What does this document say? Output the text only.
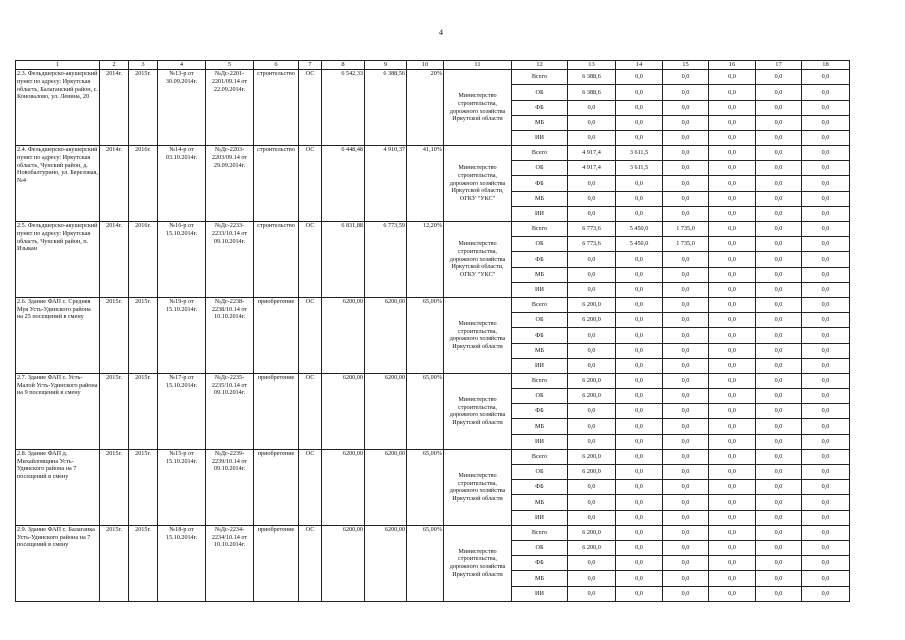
4
1	2	3	4	5	6	7	8	9	10	11	12	13	14	15	16	17	18
2.3. Фельдшерско-акушерский пункт по адресу: Иркутская область, Балаганский район, с. Коновалово, ул. Ленина, 20	2014г.	2015г.	№13-р от 30.09.2014г.	№Дс-2201-2201/09.14 от 22.09.2014г.	строительство	ОС	6 542,33	6 388,56	20%	Министерство строительства, дорожного хозяйства Иркутской области	Всего	6 388,6	0,0	0,0	0,0	0,0	0,0
											ОБ	6 388,6	0,0	0,0	0,0	0,0	0,0
											ФБ	0,0	0,0	0,0	0,0	0,0	0,0
											МБ	0,0	0,0	0,0	0,0	0,0	0,0
											ИИ	0,0	0,0	0,0	0,0	0,0	0,0
2.4. Фельдшерско-акушерский пункт по адресу: Иркутская область, Чунский район, д. Новобалтурино, ул. Березовая, №4	2014г.	2016г.	№14-р от 03.10.2014г.	№Дс-2203-2203/09.14 от 29.09.2014г.	строительство	ОС	6 448,48	4 910,37	41,10%	Министерство строительства, дорожного хозяйства Иркутской области, ОГКУ "УКС"	Всего	4 917,4	3 611,5	0,0	0,0	0,0	0,0
											ОБ	4 917,4	3 611,5	0,0	0,0	0,0	0,0
											ФБ	0,0	0,0	0,0	0,0	0,0	0,0
											МБ	0,0	0,0	0,0	0,0	0,0	0,0
											ИИ	0,0	0,0	0,0	0,0	0,0	0,0
2.5. Фельдшерско-акушерский пункт по адресу: Иркутская область, Чунский район, п. Изыкан	2014г.	2016г.	№16-р от 15.10.2014г.	№Дс-2233-2233/10.14 от 09.10.2014г.	строительство	ОС	6 831,88	6 773,59	12,20%	Министерство строительства, дорожного хозяйства Иркутской области, ОГКУ "УКС"	Всего	6 773,6	5 450,0	1 735,0	0,0	0,0	0,0
											ОБ	6 773,6	5 450,0	1 735,0	0,0	0,0	0,0
											ФБ	0,0	0,0	0,0	0,0	0,0	0,0
											МБ	0,0	0,0	0,0	0,0	0,0	0,0
											ИИ	0,0	0,0	0,0	0,0	0,0	0,0
2.6. Здание ФАП с. Средняя Муя Усть-Удинского района на 25 посещений в смену	2015г.	2015г.	№19-р от 15.10.2014г.	№Дс-2238-2238/10.14 от 10.10.2014г.	приобретение	ОС	6200,00	6200,00	65,00%	Министерство строительства, дорожного хозяйства Иркутской области	Всего	6 200,0	0,0	0,0	0,0	0,0	0,0
											ОБ	6 200,0	0,0	0,0	0,0	0,0	0,0
											ФБ	0,0	0,0	0,0	0,0	0,0	0,0
											МБ	0,0	0,0	0,0	0,0	0,0	0,0
											ИИ	0,0	0,0	0,0	0,0	0,0	0,0
2.7. Здание ФАП с. Усть-Малой Усть-Удинского района на 9 посещений в смену	2015г.	2015г.	№17-р от 15.10.2014г.	№Дс-2235-2235/10.14 от 09.10.2014г.	приобретение	ОС	6200,00	6200,00	65,00%	Министерство строительства, дорожного хозяйства Иркутской области	Всего	6 200,0	0,0	0,0	0,0	0,0	0,0
											ОБ	6 200,0	0,0	0,0	0,0	0,0	0,0
											ФБ	0,0	0,0	0,0	0,0	0,0	0,0
											МБ	0,0	0,0	0,0	0,0	0,0	0,0
											ИИ	0,0	0,0	0,0	0,0	0,0	0,0
2.8. Здание ФАП д. Михайловщина Усть-Удинского района на 7 посещений в смену	2015г.	2015г.	№15-р от 15.10.2014г.	№Дс-2239-2239/10.14 от 09.10.2014г.	приобретение	ОС	6200,00	6200,00	65,00%	Министерство строительства, дорожного хозяйства Иркутской области	Всего	6 200,0	0,0	0,0	0,0	0,0	0,0
											ОБ	6 200,0	0,0	0,0	0,0	0,0	0,0
											ФБ	0,0	0,0	0,0	0,0	0,0	0,0
											МБ	0,0	0,0	0,0	0,0	0,0	0,0
											ИИ	0,0	0,0	0,0	0,0	0,0	0,0
2.9. Здание ФАП с. Балаганка Усть-Удинского района на 7 посещений в смену	2015г.	2015г.	№18-р от 15.10.2014г.	№Дс-2234-2234/10.14 от 10.10.2014г.	приобретение	ОС	6200,00	6200,00	65,00%	Министерство строительства, дорожного хозяйства Иркутской области	Всего	6 200,0	0,0	0,0	0,0	0,0	0,0
											ОБ	6 200,0	0,0	0,0	0,0	0,0	0,0
											ФБ	0,0	0,0	0,0	0,0	0,0	0,0
											МБ	0,0	0,0	0,0	0,0	0,0	0,0
											ИИ	0,0	0,0	0,0	0,0	0,0	0,0
